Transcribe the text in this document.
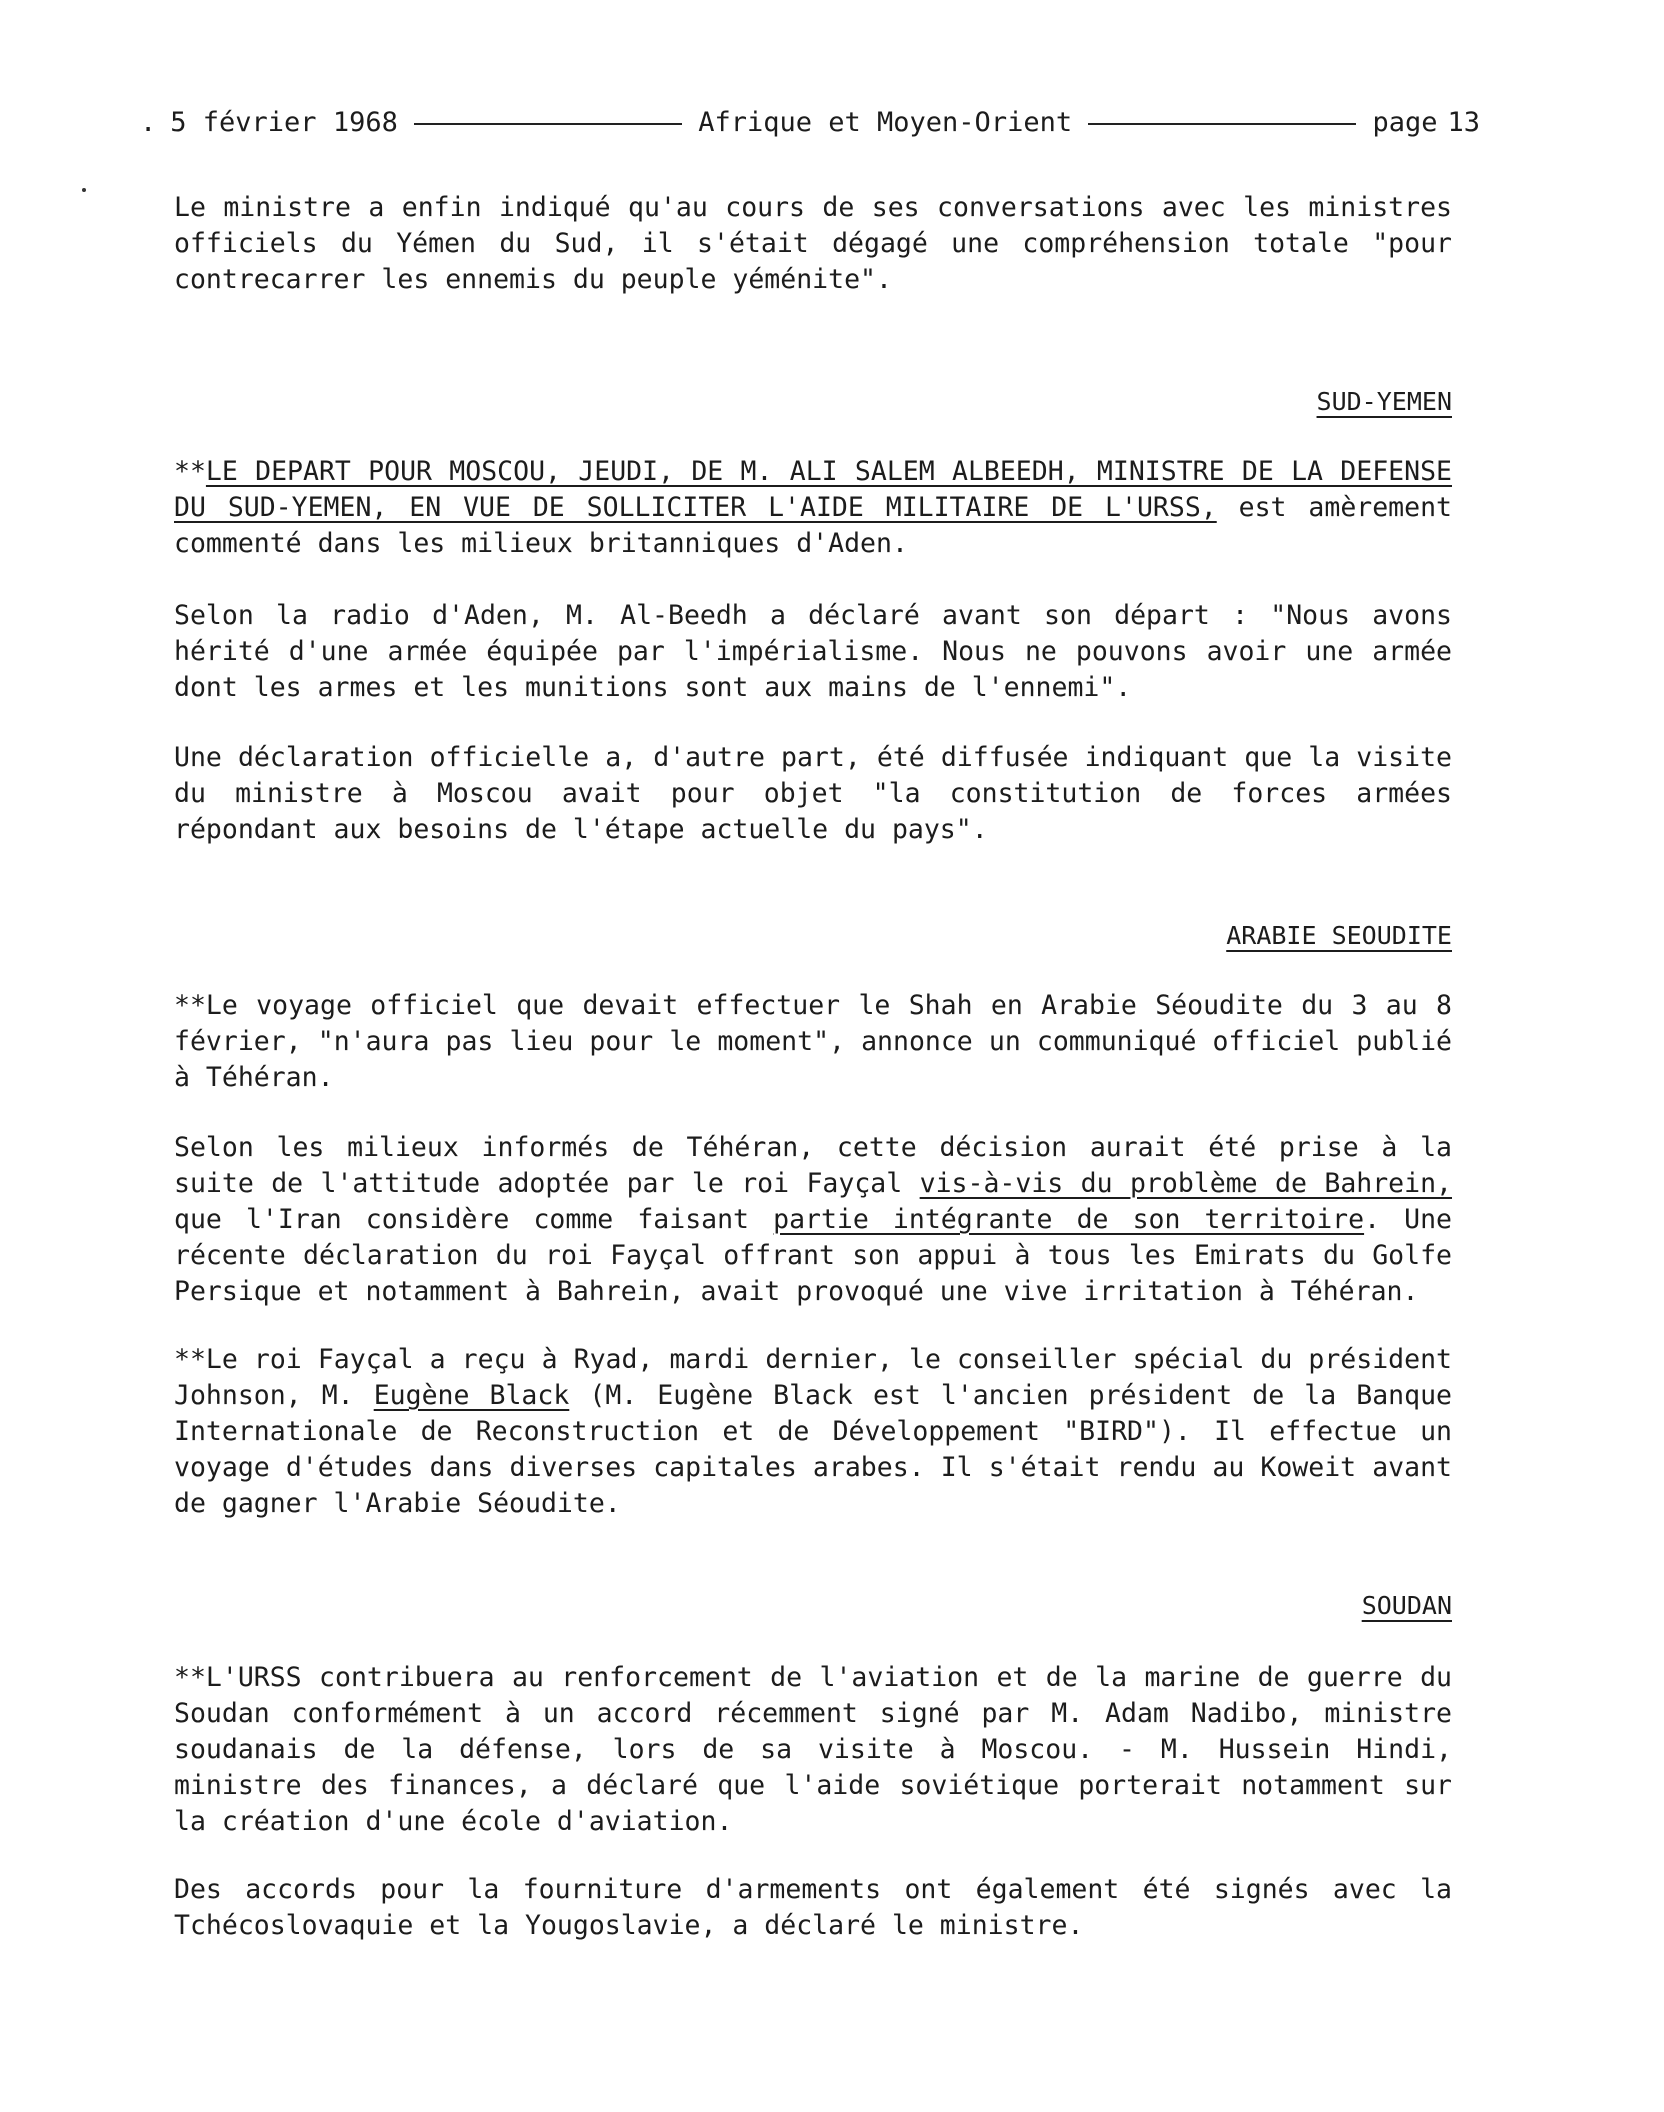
. 5 février 1968	Afrique et Moyen-Orient	page 13

Le ministre a enfin indiqué qu'au cours de ses conversations avec les ministres officiels du Yémen du Sud, il s'était dégagé une compréhension totale "pour contrecarrer les ennemis du peuple yéménite".

SUD-YEMEN

**LE DEPART POUR MOSCOU, JEUDI, DE M. ALI SALEM ALBEEDH, MINISTRE DE LA DEFENSE DU SUD-YEMEN, EN VUE DE SOLLICITER L'AIDE MILITAIRE DE L'URSS, est amèrement commenté dans les milieux britanniques d'Aden.

Selon la radio d'Aden, M. Al-Beedh a déclaré avant son départ : "Nous avons hérité d'une armée équipée par l'impérialisme. Nous ne pouvons avoir une armée dont les armes et les munitions sont aux mains de l'ennemi".

Une déclaration officielle a, d'autre part, été diffusée indiquant que la visite du ministre à Moscou avait pour objet "la constitution de forces armées répondant aux besoins de l'étape actuelle du pays".

ARABIE SEOUDITE

**Le voyage officiel que devait effectuer le Shah en Arabie Séoudite du 3 au 8 février, "n'aura pas lieu pour le moment", annonce un communiqué officiel publié à Téhéran.

Selon les milieux informés de Téhéran, cette décision aurait été prise à la suite de l'attitude adoptée par le roi Fayçal vis-à-vis du problème de Bahrein, que l'Iran considère comme faisant partie intégrante de son territoire. Une récente déclaration du roi Fayçal offrant son appui à tous les Emirats du Golfe Persique et notamment à Bahrein, avait provoqué une vive irritation à Téhéran.

**Le roi Fayçal a reçu à Ryad, mardi dernier, le conseiller spécial du président Johnson, M. Eugène Black (M. Eugène Black est l'ancien président de la Banque Internationale de Reconstruction et de Développement "BIRD"). Il effectue un voyage d'études dans diverses capitales arabes. Il s'était rendu au Koweit avant de gagner l'Arabie Séoudite.

SOUDAN

**L'URSS contribuera au renforcement de l'aviation et de la marine de guerre du Soudan conformément à un accord récemment signé par M. Adam Nadibo, ministre soudanais de la défense, lors de sa visite à Moscou. - M. Hussein Hindi, ministre des finances, a déclaré que l'aide soviétique porterait notamment sur la création d'une école d'aviation.

Des accords pour la fourniture d'armements ont également été signés avec la Tchécoslovaquie et la Yougoslavie, a déclaré le ministre.
